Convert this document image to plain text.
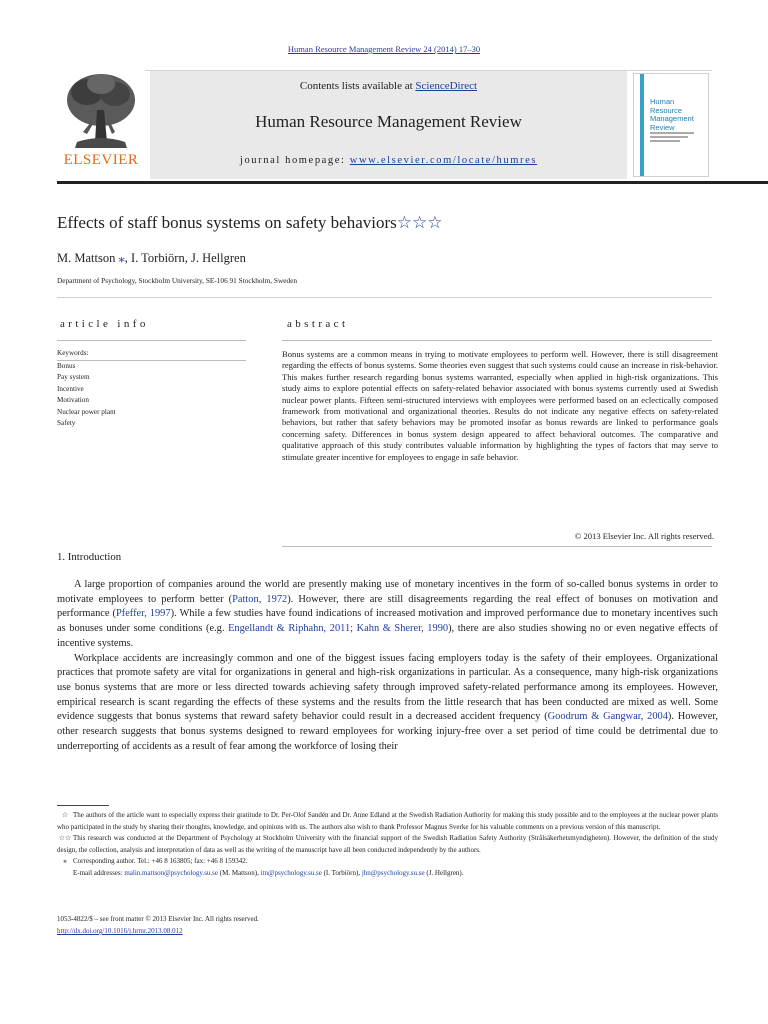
Human Resource Management Review 24 (2014) 17–30
ELSEVIER
Contents lists available at ScienceDirect
Human Resource Management Review
journal homepage: www.elsevier.com/locate/humres
Human Resource Management Review
Effects of staff bonus systems on safety behaviors☆☆☆
M. Mattson ⁎, I. Torbiörn, J. Hellgren
Department of Psychology, Stockholm University, SE-106 91 Stockholm, Sweden
article info	abstract
Keywords:
Bonus
Pay system
Incentive
Motivation
Nuclear power plant
Safety
Bonus systems are a common means in trying to motivate employees to perform well. However, there is still disagreement regarding the effects of bonus systems. Some theories even suggest that such systems could cause an increase in risk-behavior. This makes further research regarding bonus systems warranted, especially when applied in high-risk organizations. This study aims to explore potential effects on safety-related behavior associated with bonus systems currently used at Swedish nuclear power plants. Fifteen semi-structured interviews with employees were performed based on an eclectically composed framework from motivational and organizational theories. Results do not indicate any negative effects on safety-related behaviors, but rather that safety behaviors may be promoted insofar as bonus rewards are linked to performance goals concerning safety. Differences in bonus system design appeared to affect behavioral outcomes. The comparative and qualitative approach of this study contributes valuable information by highlighting the types of factors that may serve to stimulate greater incentive for employees to engage in safe behavior.
© 2013 Elsevier Inc. All rights reserved.
1. Introduction

A large proportion of companies around the world are presently making use of monetary incentives in the form of so-called bonus systems in order to motivate employees to perform better (Patton, 1972). However, there are still disagreements regarding the real effect of bonuses on motivation and performance (Pfeffer, 1997). While a few studies have found indications of increased motivation and improved performance due to monetary incentives such as bonuses under some conditions (e.g. Engellandt & Riphahn, 2011; Kahn & Sherer, 1990), there are also studies showing no or even negative effects of incentive systems.

Workplace accidents are increasingly common and one of the biggest issues facing employers today is the safety of their employees. Organizational practices that promote safety are vital for organizations in general and high-risk organizations in particular. As a consequence, many high-risk organizations use bonus systems that are more or less directed towards achieving safety through improved safety-related performance among its employees. However, empirical research is scant regarding the effects of these systems and the results from the little research that has been conducted are mixed as well. Some evidence suggests that bonus systems that reward safety behavior could result in a decreased accident frequency (Goodrum & Gangwar, 2004). However, other research suggests that bonus systems designed to reward employees for working injury-free over a set period of time could be detrimental due to underreporting of accidents as a result of fear among the workforce of losing their

☆ The authors of the article want to especially express their gratitude to Dr. Per-Olof Sandén and Dr. Anne Edland at the Swedish Radiation Authority for making this study possible and to the employees at the nuclear power plants who participated in the study by sharing their thoughts, knowledge, and opinions with us. The authors also wish to thank Professor Magnus Sverke for his valuable comments on a previous version of this manuscript.

☆☆ This research was conducted at the Department of Psychology at Stockholm University with the financial support of the Swedish Radiation Safety Authority (Strålsäkerhetsmyndigheten). However, the definition of the study design, the collection, analysis and interpretation of data as well as the writing of the manuscript have all been conducted independently by the authors.

⁎ Corresponding author. Tel.: +46 8 163805; fax: +46 8 159342.

E-mail addresses: malin.mattson@psychology.su.se (M. Mattson), itn@psychology.su.se (I. Torbiörn), jhn@psychology.su.se (J. Hellgren).

1053-4822/$ – see front matter © 2013 Elsevier Inc. All rights reserved.
http://dx.doi.org/10.1016/j.hrmr.2013.08.012
